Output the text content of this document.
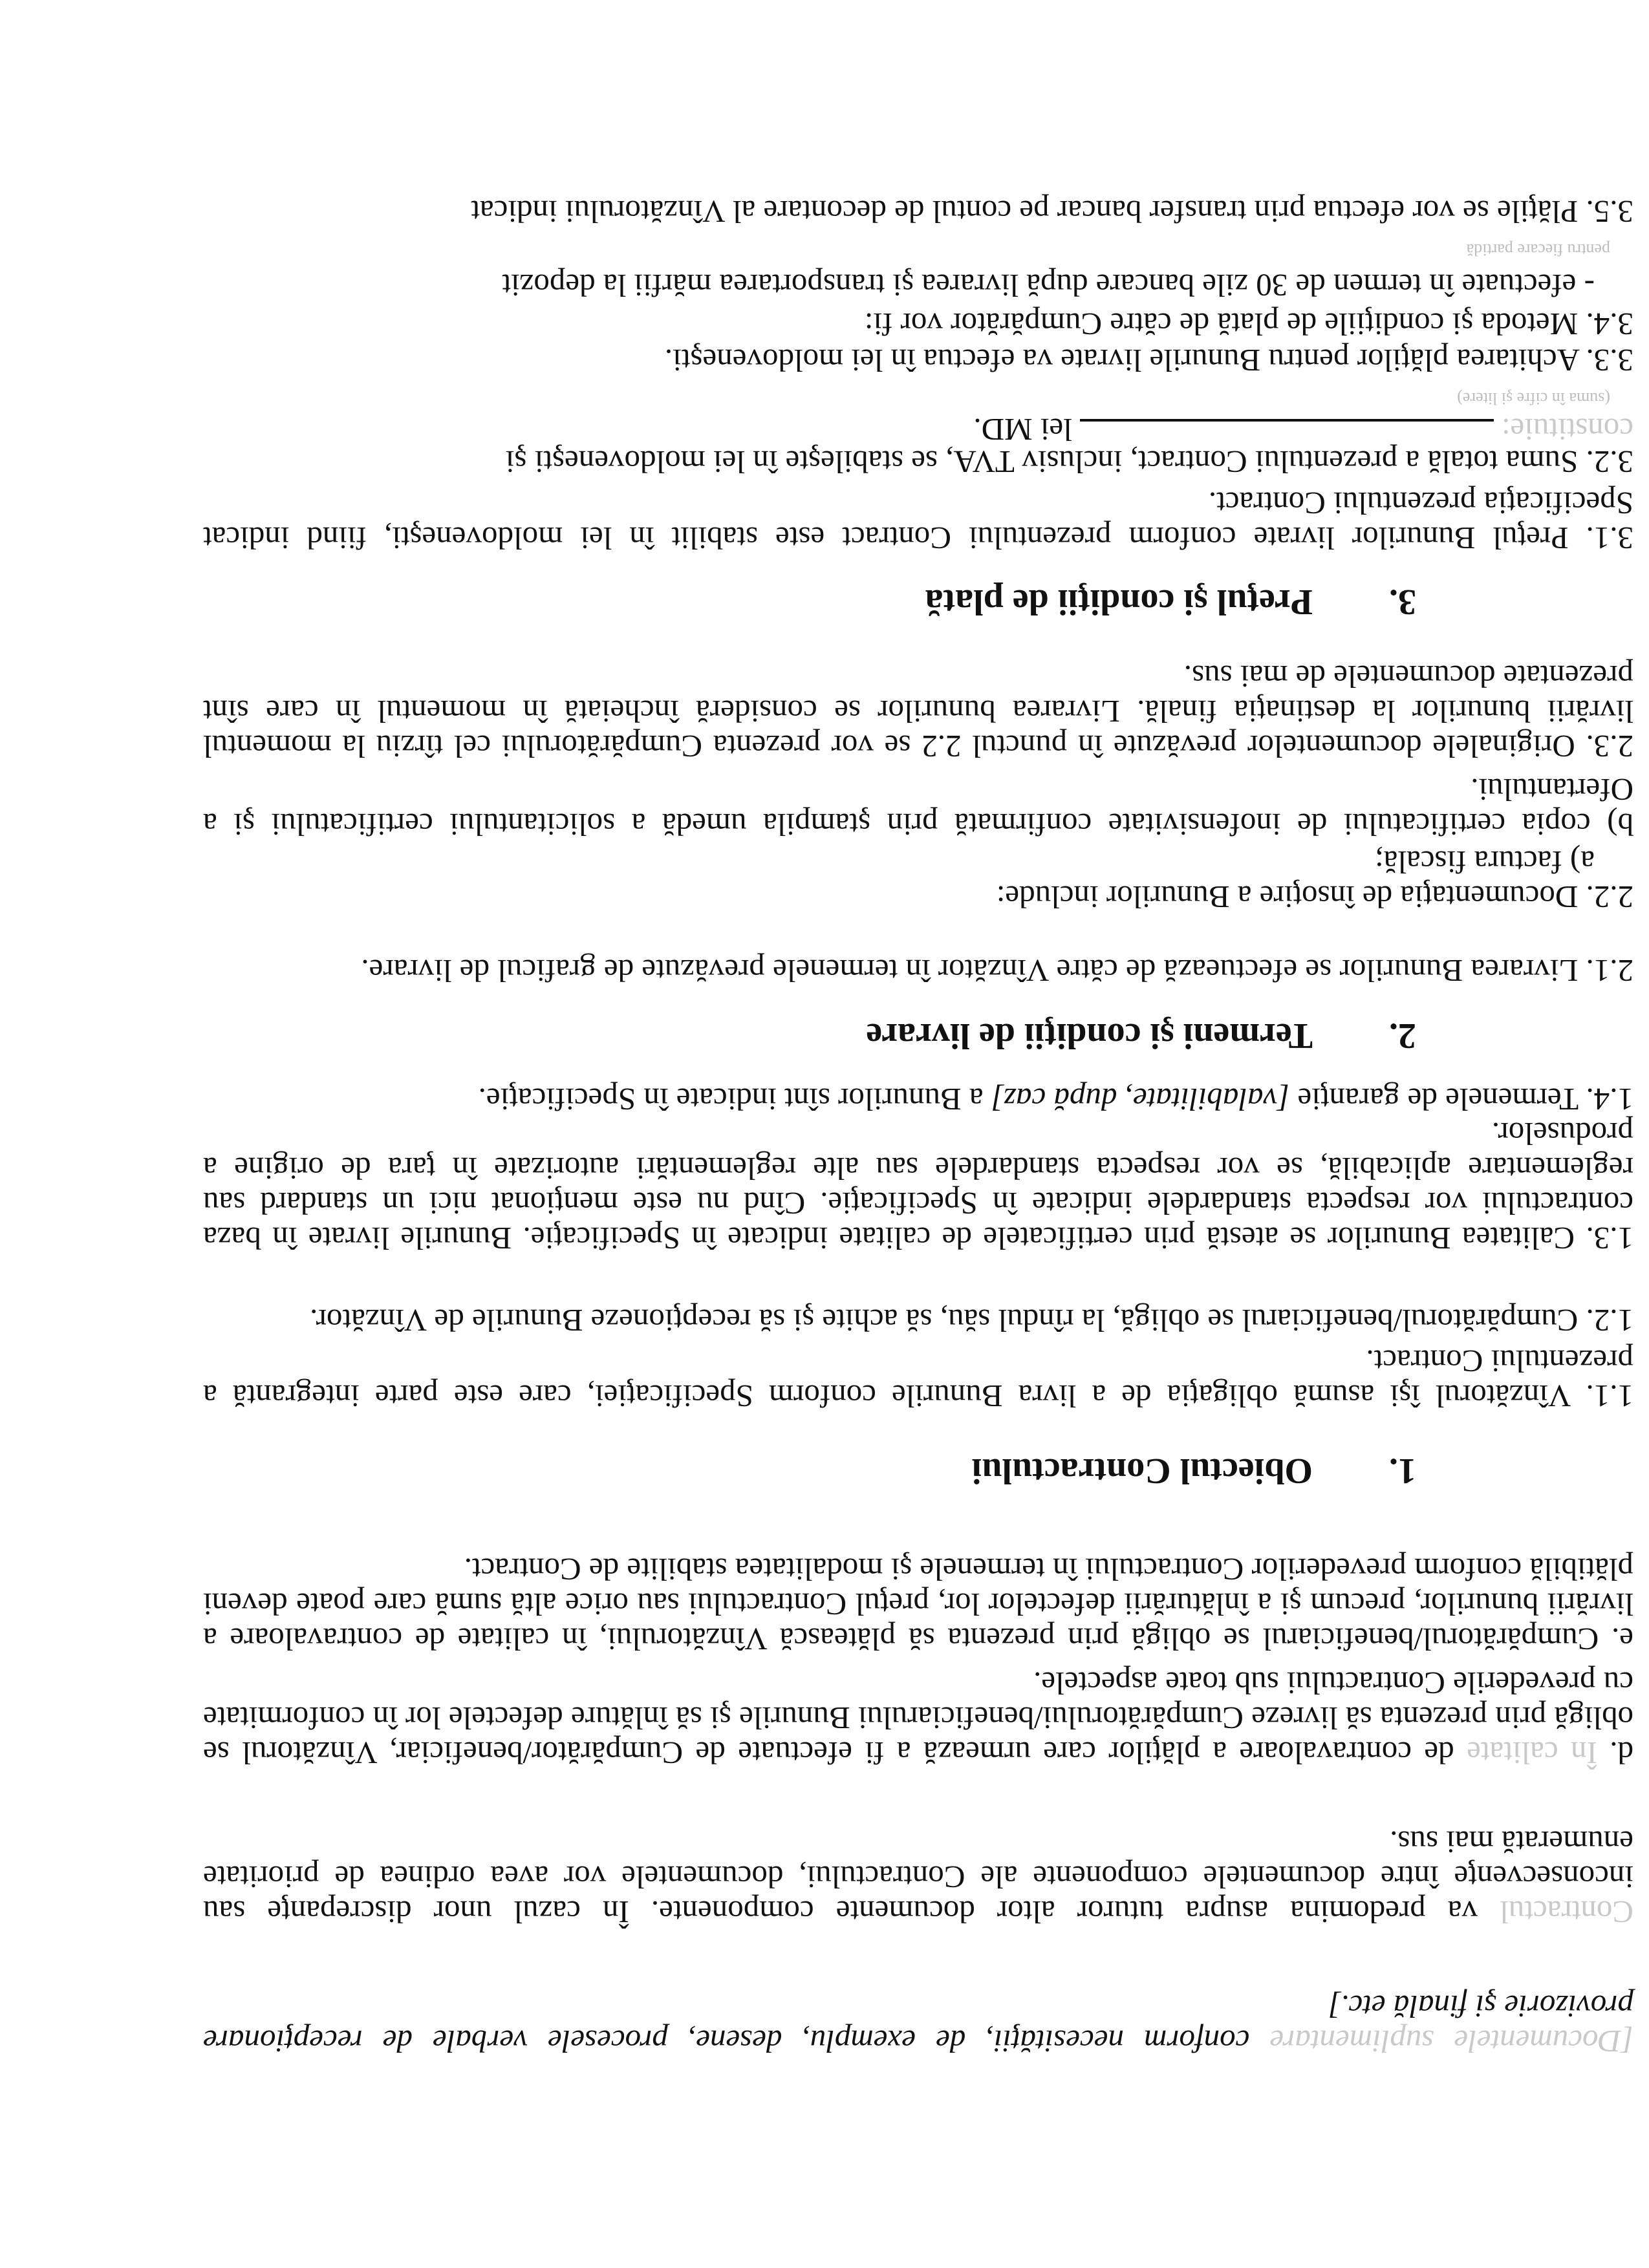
[Documentele suplimentare conform necesităţii, de exemplu, desene, procesele verbale de recepţionare provizorie şi finală etc.]

Contractul va predomina asupra tuturor altor documente componente. În cazul unor discrepanţe sau inconsecvenţe între documentele componente ale Contractului, documentele vor avea ordinea de prioritate enumerată mai sus.

d. În calitate de contravaloare a plăţilor care urmează a fi efectuate de Cumpărător/beneficiar, Vînzătorul se obligă prin prezenta să livreze Cumpărătorului/beneficiarului Bunurile şi să înlăture defectele lor în conformitate cu prevederile Contractului sub toate aspectele.

e. Cumpărătorul/beneficiarul se obligă prin prezenta să plătească Vînzătorului, în calitate de contravaloare a livrării bunurilor, precum şi a înlăturării defectelor lor, preţul Contractului sau orice altă sumă care poate deveni plătibilă conform prevederilor Contractului în termenele şi modalitatea stabilite de Contract.

1.Obiectul Contractului

1.1. Vînzătorul îşi asumă obligaţia de a livra Bunurile conform Specificaţiei, care este parte integrantă a prezentului Contract.

1.2. Cumpărătorul/beneficiarul se obligă, la rîndul său, să achite şi să recepţioneze Bunurile de Vînzător.

1.3. Calitatea Bunurilor se atestă prin certificatele de calitate indicate în Specificaţie. Bunurile livrate în baza contractului vor respecta standardele indicate în Specificaţie. Cînd nu este menţionat nici un standard sau reglementare aplicabilă, se vor respecta standardele sau alte reglementări autorizate în ţara de origine a produselor.

1.4. Termenele de garanţie [valabilitate, după caz] a Bunurilor sînt indicate în Specificaţie.

2.Termeni şi condiţii de livrare

2.1. Livrarea Bunurilor se efectuează de către Vînzător în termenele prevăzute de graficul de livrare.

2.2. Documentaţia de însoţire a Bunurilor include:

a) factura fiscală;

b) copia certificatului de inofensivitate confirmată prin ştampila umedă a solicitantului certificatului şi a Ofertantului.

2.3. Originalele documentelor prevăzute în punctul 2.2 se vor prezenta Cumpărătorului cel tîrziu la momentul livrării bunurilor la destinaţia finală. Livrarea bunurilor se consideră încheiată în momentul în care sînt prezentate documentele de mai sus.

3.Preţul şi condiţii de plată

3.1. Preţul Bunurilor livrate conform prezentului Contract este stabilit în lei moldoveneşti, fiind indicat Specificaţia prezentului Contract.

3.2. Suma totală a prezentului Contract, inclusiv TVA, se stabileşte în lei moldoveneşti şi

constituie:lei MD.

(suma în cifre şi litere)

3.3. Achitarea plăţilor pentru Bunurile livrate va efectua în lei moldoveneşti.

3.4. Metoda şi condiţiile de plată de către Cumpărător vor fi:

- efectuate în termen de 30 zile bancare după livrarea şi transportarea mărfii la depozit

pentru fiecare partidă

3.5. Plăţile se vor efectua prin transfer bancar pe contul de decontare al Vînzătorului indicat
